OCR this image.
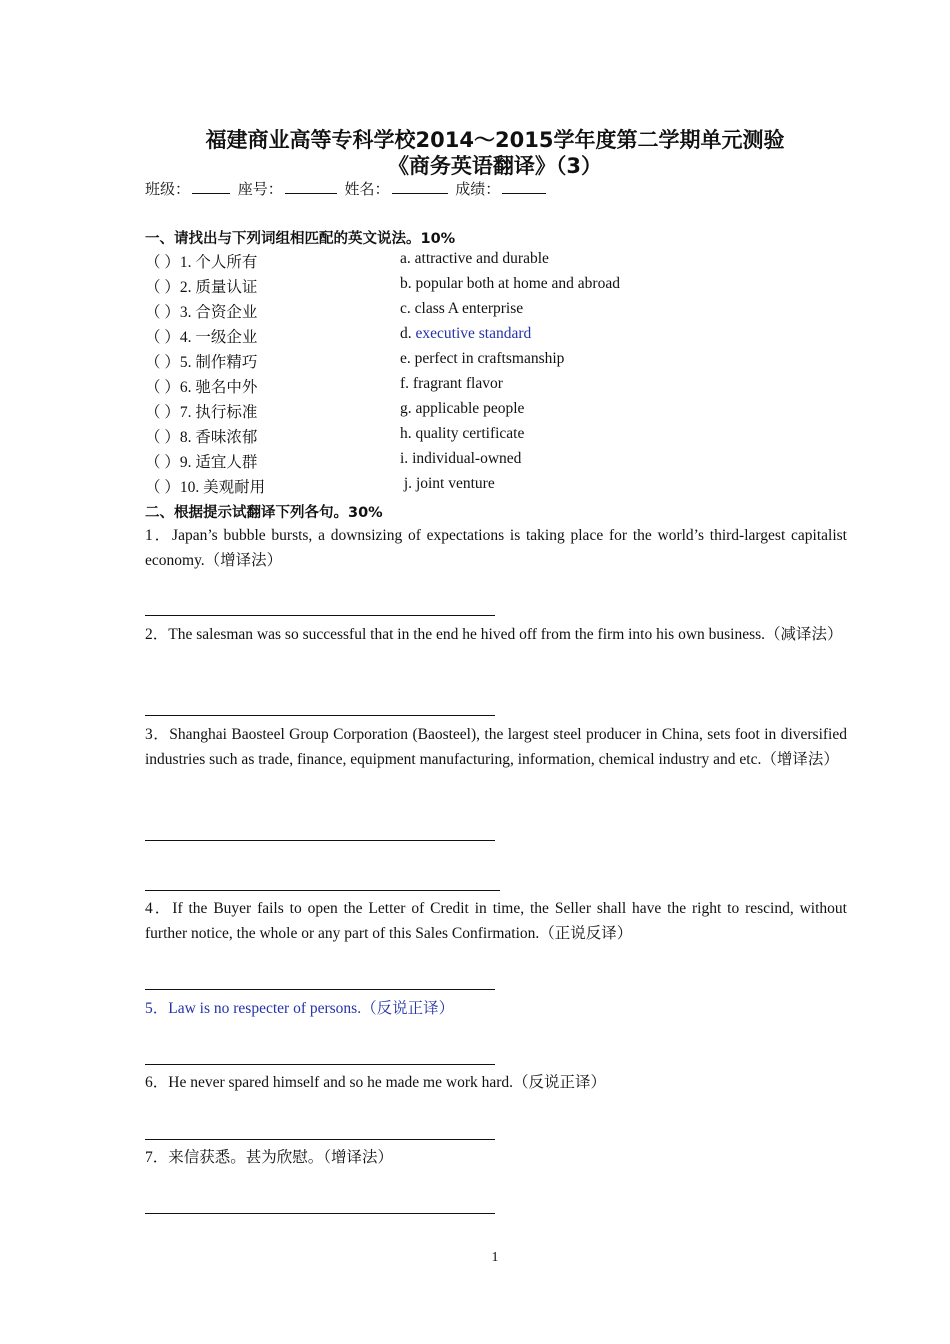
福建商业高等专科学校2014～2015学年度第二学期单元测验
《商务英语翻译》（3）
班级：	座号：	姓名：	成绩：
一、请找出与下列词组相匹配的英文说法。10%
（ ）1. 个人所有	a. attractive and durable
（ ）2. 质量认证	b. popular both at home and abroad
（ ）3. 合资企业	c. class A enterprise
（ ）4. 一级企业	d. executive standard
（ ）5. 制作精巧	e. perfect in craftsmanship
（ ）6. 驰名中外	f. fragrant flavor
（ ）7. 执行标准	g. applicable people
（ ）8. 香味浓郁	h. quality certificate
（ ）9. 适宜人群	i. individual-owned
（ ）10. 美观耐用	j. joint venture
二、根据提示试翻译下列各句。30%
1．Japan’s bubble bursts, a downsizing of expectations is taking place for the world’s third-largest capitalist economy.（增译法）
2．The salesman was so successful that in the end he hived off from the firm into his own business.（减译法）
3．Shanghai Baosteel Group Corporation (Baosteel), the largest steel producer in China, sets foot in diversified industries such as trade, finance, equipment manufacturing, information, chemical industry and etc.（增译法）
4．If the Buyer fails to open the Letter of Credit in time, the Seller shall have the right to rescind, without further notice, the whole or any part of this Sales Confirmation.（正说反译）
5．Law is no respecter of persons.（反说正译）
6．He never spared himself and so he made me work hard.（反说正译）
7．来信获悉。甚为欣慰。（增译法）
1
